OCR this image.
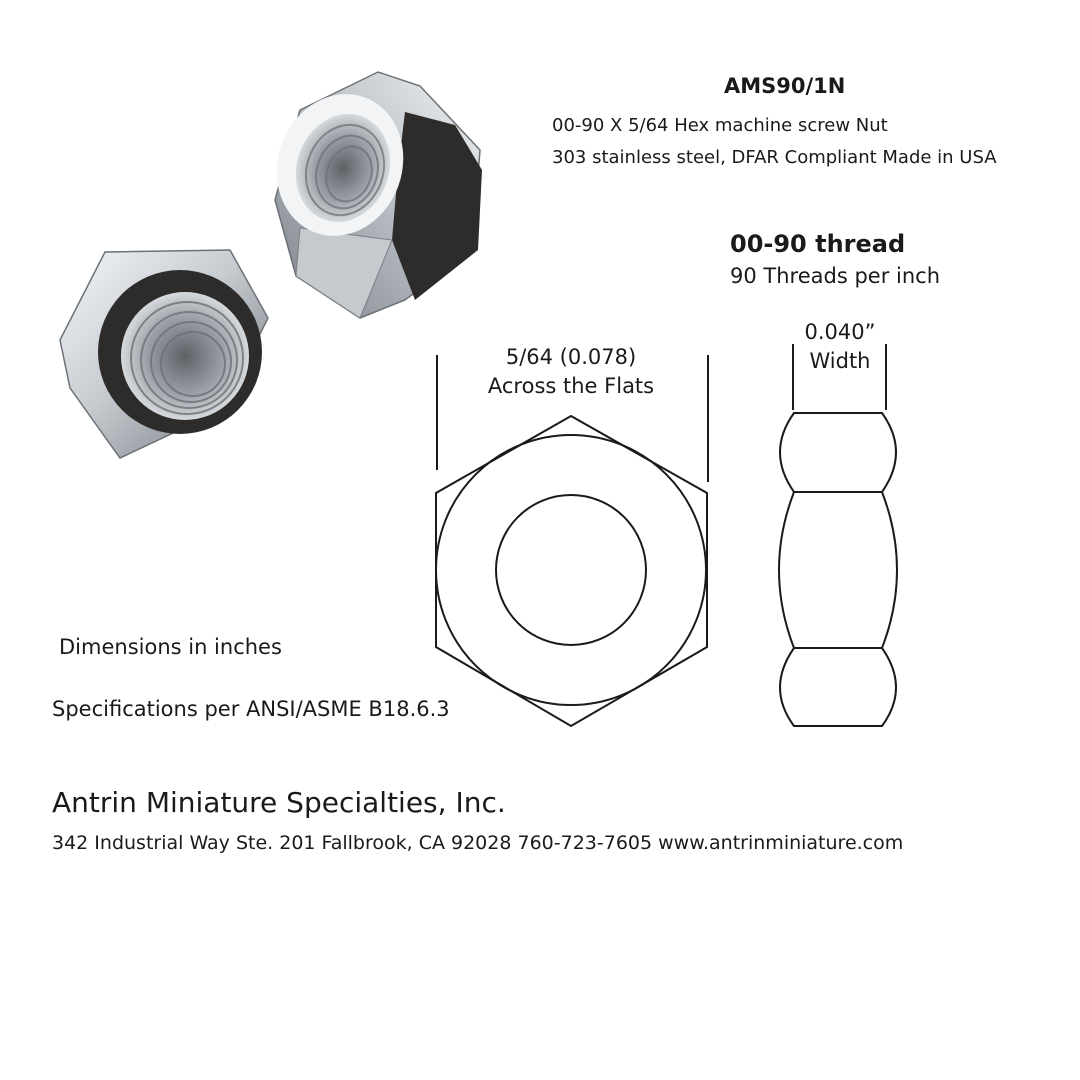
AMS90/1N
00-90 X 5/64 Hex machine screw Nut
303 stainless steel, DFAR Compliant Made in USA
00-90 thread
90 Threads per inch
5/64 (0.078)
Across the Flats
0.040”
Width
Dimensions in inches
Specifications per ANSI/ASME B18.6.3
Antrin Miniature Specialties, Inc.
342 Industrial Way Ste. 201 Fallbrook, CA 92028 760-723-7605 www.antrinminiature.com
